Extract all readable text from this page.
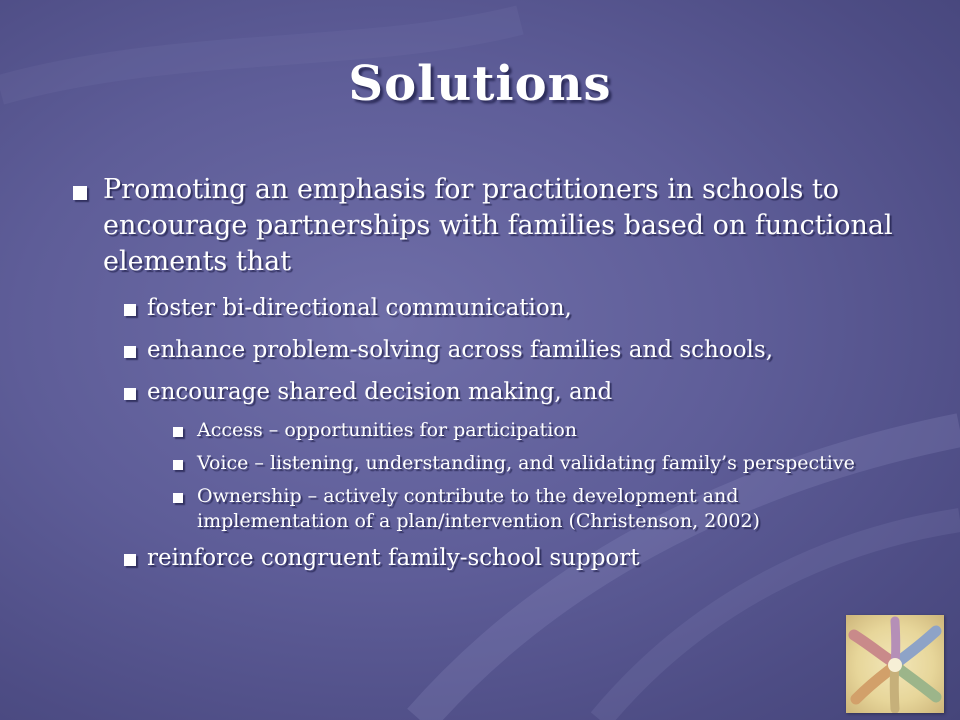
Solutions
Promoting an emphasis for practitioners in schools to encourage partnerships with families based on functional elements that
foster bi-directional communication,
enhance problem-solving across families and schools,
encourage shared decision making, and
Access – opportunities for participation
Voice – listening, understanding, and validating family’s perspective
Ownership – actively contribute to the development and implementation of a plan/intervention (Christenson, 2002)
reinforce congruent family-school support
